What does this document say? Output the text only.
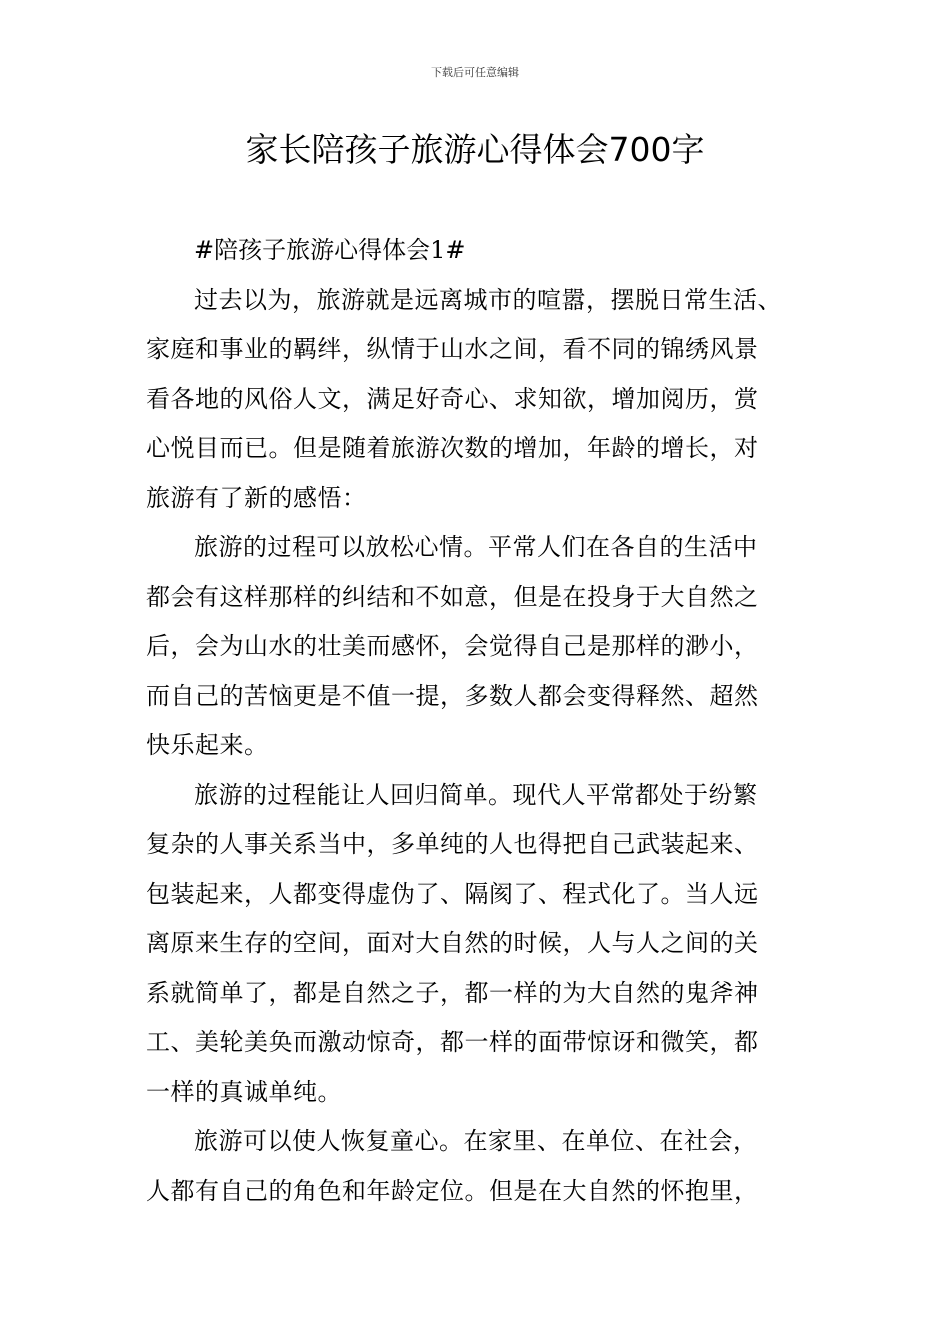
下载后可任意编辑
家长陪孩子旅游心得体会700字

#陪孩子旅游心得体会1#

过去以为，旅游就是远离城市的喧嚣，摆脱日常生活、
家庭和事业的羁绊，纵情于山水之间，看不同的锦绣风景
看各地的风俗人文，满足好奇心、求知欲，增加阅历，赏
心悦目而已。但是随着旅游次数的增加，年龄的增长，对
旅游有了新的感悟：

旅游的过程可以放松心情。平常人们在各自的生活中
都会有这样那样的纠结和不如意，但是在投身于大自然之
后，会为山水的壮美而感怀，会觉得自己是那样的渺小，
而自己的苦恼更是不值一提，多数人都会变得释然、超然
快乐起来。

旅游的过程能让人回归简单。现代人平常都处于纷繁
复杂的人事关系当中，多单纯的人也得把自己武装起来、
包装起来，人都变得虚伪了、隔阂了、程式化了。当人远
离原来生存的空间，面对大自然的时候，人与人之间的关
系就简单了，都是自然之子，都一样的为大自然的鬼斧神
工、美轮美奂而激动惊奇，都一样的面带惊讶和微笑，都
一样的真诚单纯。

旅游可以使人恢复童心。在家里、在单位、在社会，
人都有自己的角色和年龄定位。但是在大自然的怀抱里，
